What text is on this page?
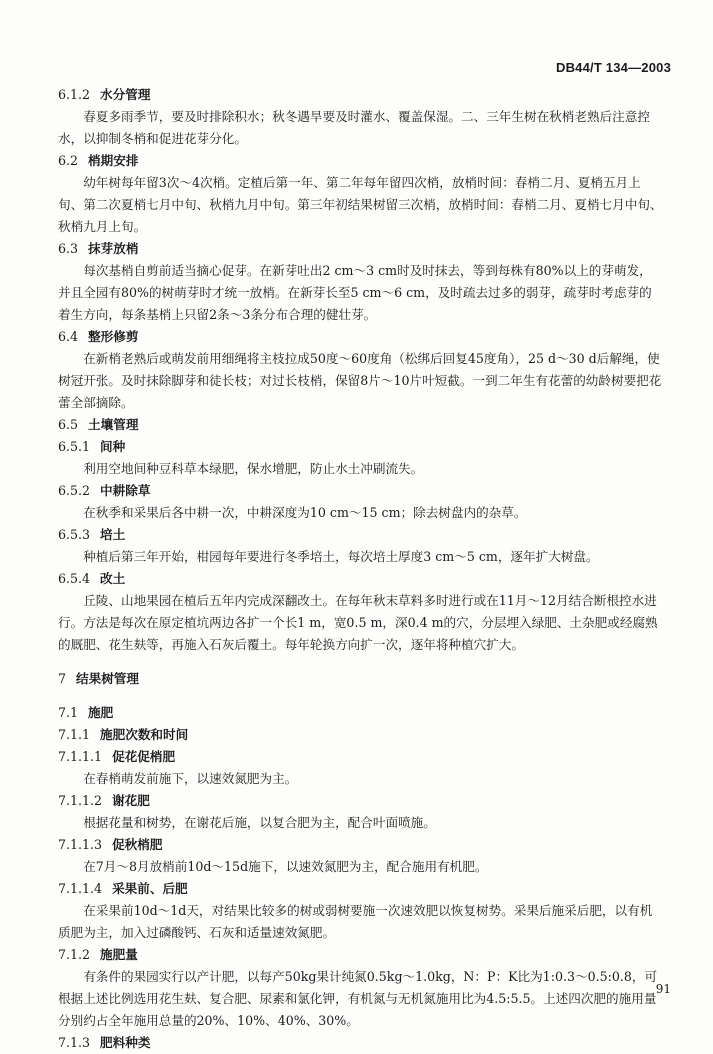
DB44/T 134—2003
6.1.2 水分管理
春夏多雨季节，要及时排除积水；秋冬遇旱要及时灌水、覆盖保湿。二、三年生树在秋梢老熟后注意控水，以抑制冬梢和促进花芽分化。
6.2 梢期安排
幼年树每年留3次～4次梢。定植后第一年、第二年每年留四次梢，放梢时间：春梢二月、夏梢五月上旬、第二次夏梢七月中旬、秋梢九月中旬。第三年初结果树留三次梢，放梢时间：春梢二月、夏梢七月中旬、秋梢九月上旬。
6.3 抹芽放梢
每次基梢自剪前适当摘心促芽。在新芽吐出2 cm～3 cm时及时抹去，等到每株有80%以上的芽萌发，并且全园有80%的树萌芽时才统一放梢。在新芽长至5 cm～6 cm，及时疏去过多的弱芽，疏芽时考虑芽的着生方向，每条基梢上只留2条～3条分布合理的健壮芽。
6.4 整形修剪
在新梢老熟后或萌发前用细绳将主枝拉成50度～60度角（松绑后回复45度角），25 d～30 d后解绳，使树冠开张。及时抹除脚芽和徒长枝；对过长枝梢，保留8片～10片叶短截。一到二年生有花蕾的幼龄树要把花蕾全部摘除。
6.5 土壤管理
6.5.1 间种
利用空地间种豆科草本绿肥，保水增肥，防止水土冲刷流失。
6.5.2 中耕除草
在秋季和采果后各中耕一次，中耕深度为10 cm～15 cm；除去树盘内的杂草。
6.5.3 培土
种植后第三年开始，柑园每年要进行冬季培土，每次培土厚度3 cm～5 cm，逐年扩大树盘。
6.5.4 改土
丘陵、山地果园在植后五年内完成深翻改土。在每年秋末草料多时进行或在11月～12月结合断根控水进行。方法是每次在原定植坑两边各扩一个长1 m，宽0.5 m，深0.4 m的穴，分层埋入绿肥、土杂肥或经腐熟的厩肥、花生麸等，再施入石灰后覆土。每年轮换方向扩一次，逐年将种植穴扩大。
7 结果树管理
7.1 施肥
7.1.1 施肥次数和时间
7.1.1.1 促花促梢肥
在春梢萌发前施下，以速效氮肥为主。
7.1.1.2 谢花肥
根据花量和树势，在谢花后施，以复合肥为主，配合叶面喷施。
7.1.1.3 促秋梢肥
在7月～8月放梢前10d～15d施下，以速效氮肥为主，配合施用有机肥。
7.1.1.4 采果前、后肥
在采果前10d～1d天，对结果比较多的树或弱树要施一次速效肥以恢复树势。采果后施采后肥，以有机质肥为主，加入过磷酸钙、石灰和适量速效氮肥。
7.1.2 施肥量
有条件的果园实行以产计肥，以每产50kg果计纯氮0.5kg～1.0kg，N：P：K比为1:0.3～0.5:0.8，可根据上述比例选用花生麸、复合肥、尿素和氯化钾，有机氮与无机氮施用比为4.5:5.5。上述四次肥的施用量分别约占全年施用总量的20%、10%、40%、30%。
7.1.3 肥料种类
91
